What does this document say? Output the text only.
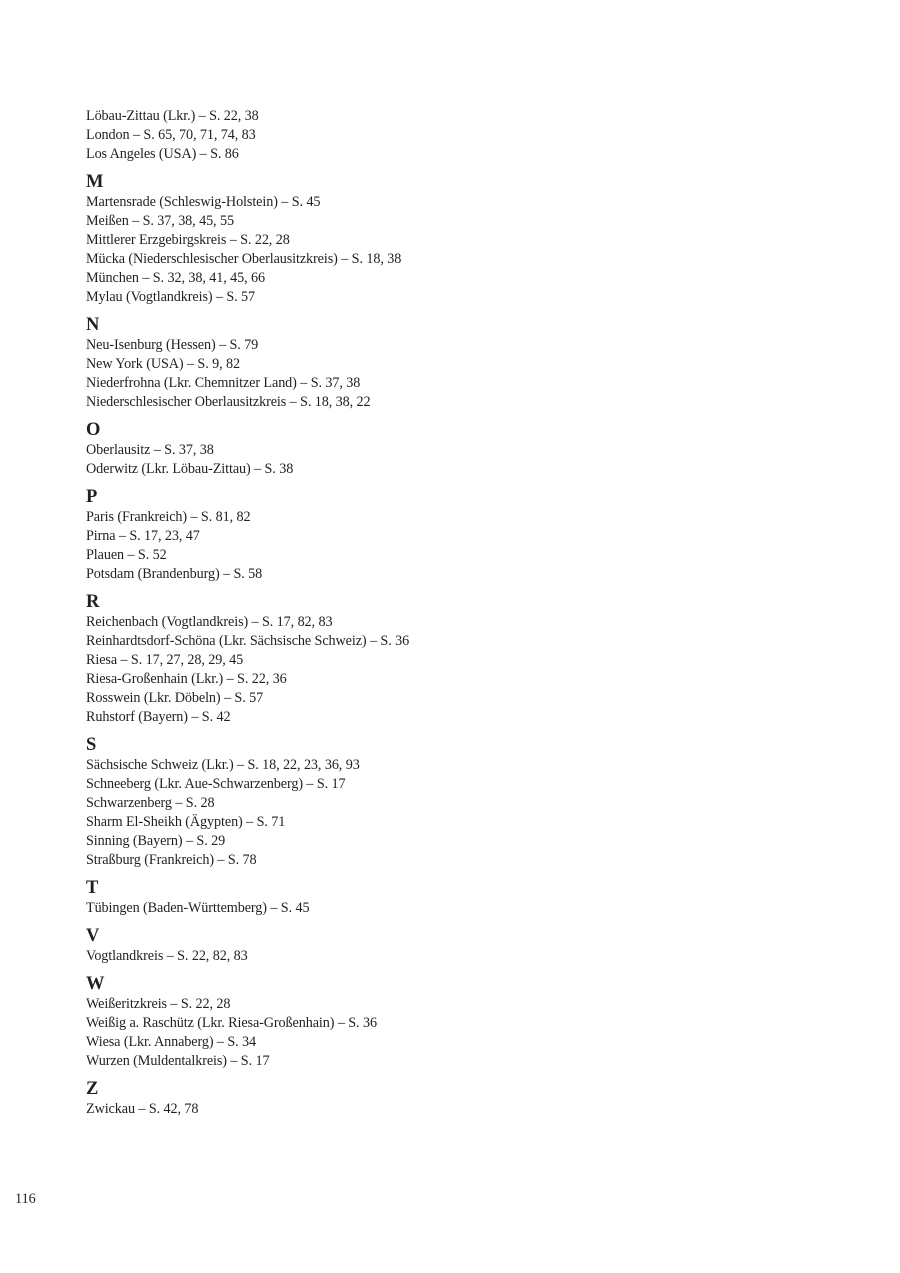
Löbau-Zittau (Lkr.) – S. 22, 38
London – S. 65, 70, 71, 74, 83
Los Angeles (USA) – S. 86
M
Martensrade (Schleswig-Holstein) – S. 45
Meißen – S. 37, 38, 45, 55
Mittlerer Erzgebirgskreis – S. 22, 28
Mücka (Niederschlesischer Oberlausitzkreis) – S. 18, 38
München – S. 32, 38, 41, 45, 66
Mylau (Vogtlandkreis) – S. 57
N
Neu-Isenburg (Hessen) – S. 79
New York (USA) – S. 9, 82
Niederfrohna (Lkr. Chemnitzer Land) – S. 37, 38
Niederschlesischer Oberlausitzkreis – S. 18, 38, 22
O
Oberlausitz – S. 37, 38
Oderwitz (Lkr. Löbau-Zittau) – S. 38
P
Paris (Frankreich) – S. 81, 82
Pirna – S. 17, 23, 47
Plauen – S. 52
Potsdam (Brandenburg) – S. 58
R
Reichenbach (Vogtlandkreis) – S. 17, 82, 83
Reinhardtsdorf-Schöna (Lkr. Sächsische Schweiz) – S. 36
Riesa – S. 17, 27, 28, 29, 45
Riesa-Großenhain (Lkr.) – S. 22, 36
Rosswein (Lkr. Döbeln) – S. 57
Ruhstorf (Bayern) – S. 42
S
Sächsische Schweiz (Lkr.) – S. 18, 22, 23, 36, 93
Schneeberg (Lkr. Aue-Schwarzenberg) – S. 17
Schwarzenberg – S. 28
Sharm El-Sheikh (Ägypten) – S. 71
Sinning (Bayern) – S. 29
Straßburg (Frankreich) – S. 78
T
Tübingen (Baden-Württemberg) – S. 45
V
Vogtlandkreis – S. 22, 82, 83
W
Weißeritzkreis – S. 22, 28
Weißig a. Raschütz (Lkr. Riesa-Großenhain) – S. 36
Wiesa (Lkr. Annaberg) – S. 34
Wurzen (Muldentalkreis) – S. 17
Z
Zwickau – S. 42, 78
116
